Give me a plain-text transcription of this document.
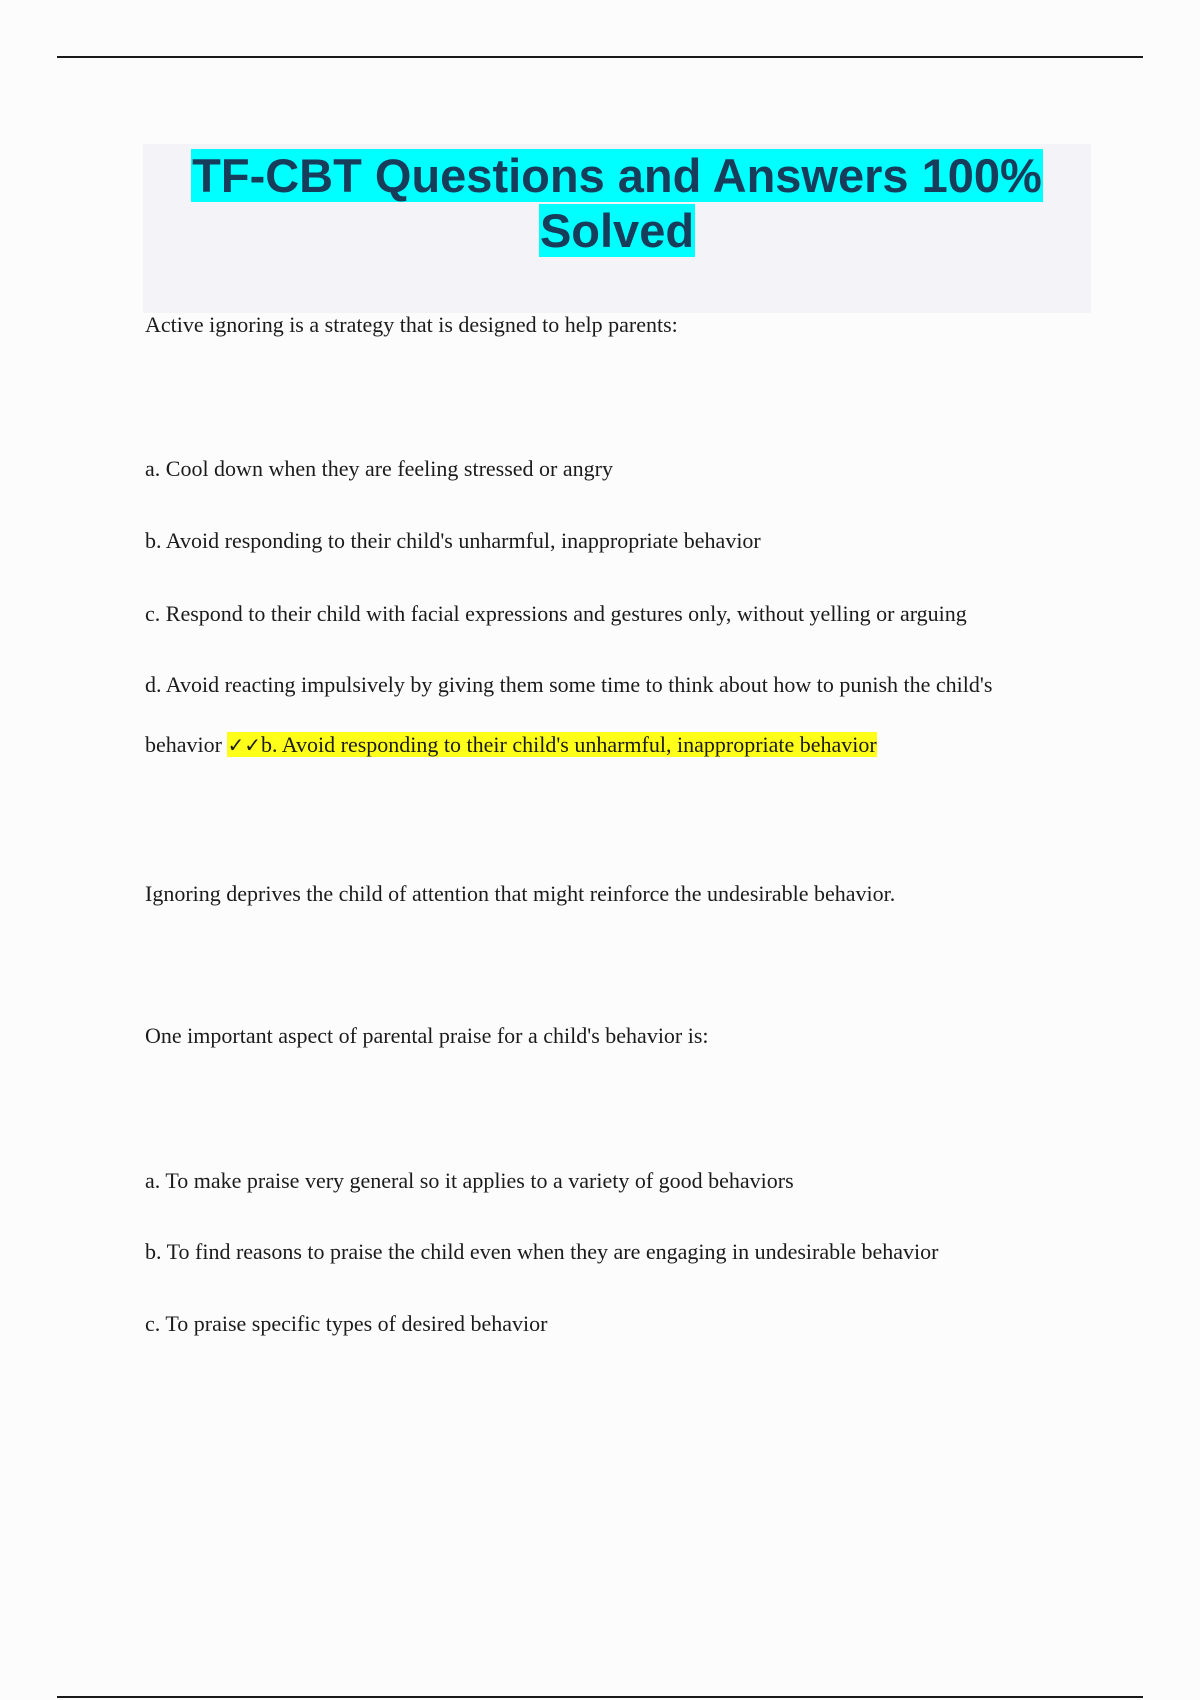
TF-CBT Questions and Answers 100%
Solved
Active ignoring is a strategy that is designed to help parents:
a. Cool down when they are feeling stressed or angry
b. Avoid responding to their child's unharmful, inappropriate behavior
c. Respond to their child with facial expressions and gestures only, without yelling or arguing
d. Avoid reacting impulsively by giving them some time to think about how to punish the child's
behavior ✓✓b. Avoid responding to their child's unharmful, inappropriate behavior
Ignoring deprives the child of attention that might reinforce the undesirable behavior.
One important aspect of parental praise for a child's behavior is:
a. To make praise very general so it applies to a variety of good behaviors
b. To find reasons to praise the child even when they are engaging in undesirable behavior
c. To praise specific types of desired behavior
